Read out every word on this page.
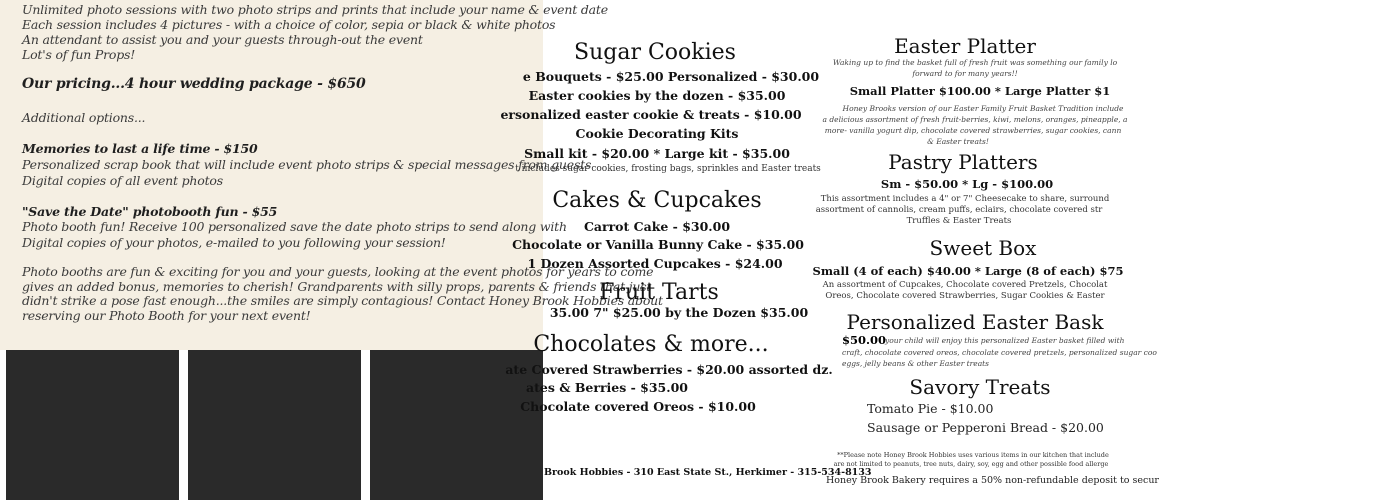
Unlimited photo sessions with two photo strips and prints that include your name & event date
Each session includes 4 pictures - with a choice of color, sepia or black & white photos
An attendant to assist you and your guests through-out the event
Lot's of fun Props!
Our pricing...4 hour wedding package - $650
Additional options...
Memories to last a life time - $150
Personalized scrap book that will include event photo strips & special messages from guests
Digital copies of all event photos
"Save the Date" photobooth fun - $55
Photo booth fun! Receive 100 personalized save the date photo strips to send along with
Digital copies of your photos, e-mailed to you following your session!
Photo booths are fun & exciting for you and your guests, looking at the event photos for years to come
gives an added bonus, memories to cherish! Grandparents with silly props, parents & friends that just
didn't strike a pose fast enough...the smiles are simply contagious! Contact Honey Brook Hobbies about
reserving our Photo Booth for your next event!
Sugar Cookies
e Bouquets - $25.00 Personalized - $30.00
Easter cookies by the dozen - $35.00
ersonalized easter cookie & treats - $10.00
Cookie Decorating Kits
Small kit - $20.00 * Large kit - $35.00
t includes sugar cookies, frosting bags, sprinkles and Easter treats
Cakes & Cupcakes
Carrot Cake - $30.00
Chocolate or Vanilla Bunny Cake - $35.00
1 Dozen Assorted Cupcakes - $24.00
Fruit Tarts
35.00 7" $25.00 by the Dozen $35.00
Chocolates & more...
ate Covered Strawberries - $20.00 assorted dz.
ates & Berries - $35.00
Chocolate covered Oreos - $10.00
Brook Hobbies - 310 East State St., Herkimer - 315-534-8133
Easter Platter
Waking up to find the basket full of fresh fruit was something our family lo
forward to for many years!!
Small Platter $100.00 * Large Platter $1
Honey Brooks version of our Easter Family Fruit Basket Tradition include
a delicious assortment of fresh fruit-berries, kiwi, melons, oranges, pineapple, a
more- vanilla yogurt dip, chocolate covered strawberries, sugar cookies, cann
& Easter treats!
Pastry Platters
Sm - $50.00 * Lg - $100.00
This assortment includes a 4" or 7" Cheesecake to share, surround
assortment of cannolis, cream puffs, eclairs, chocolate covered str
Truffles & Easter Treats
Sweet Box
Small (4 of each) $40.00 * Large (8 of each) $75
An assortment of Cupcakes, Chocolate covered Pretzels, Chocolat
Oreos, Chocolate covered Strawberries, Sugar Cookies & Easter
Personalized Easter Bask
$50.00
your child will enjoy this personalized Easter basket filled with
craft, chocolate covered oreos, chocolate covered pretzels, personalized sugar coo
eggs, jelly beans & other Easter treats
Savory Treats
Tomato Pie - $10.00
Sausage or Pepperoni Bread - $20.00
**Please note Honey Brook Hobbies uses various items in our kitchen that include
are not limited to peanuts, tree nuts, dairy, soy, egg and other possible food allerge
Honey Brook Bakery requires a 50% non-refundable deposit to secur
